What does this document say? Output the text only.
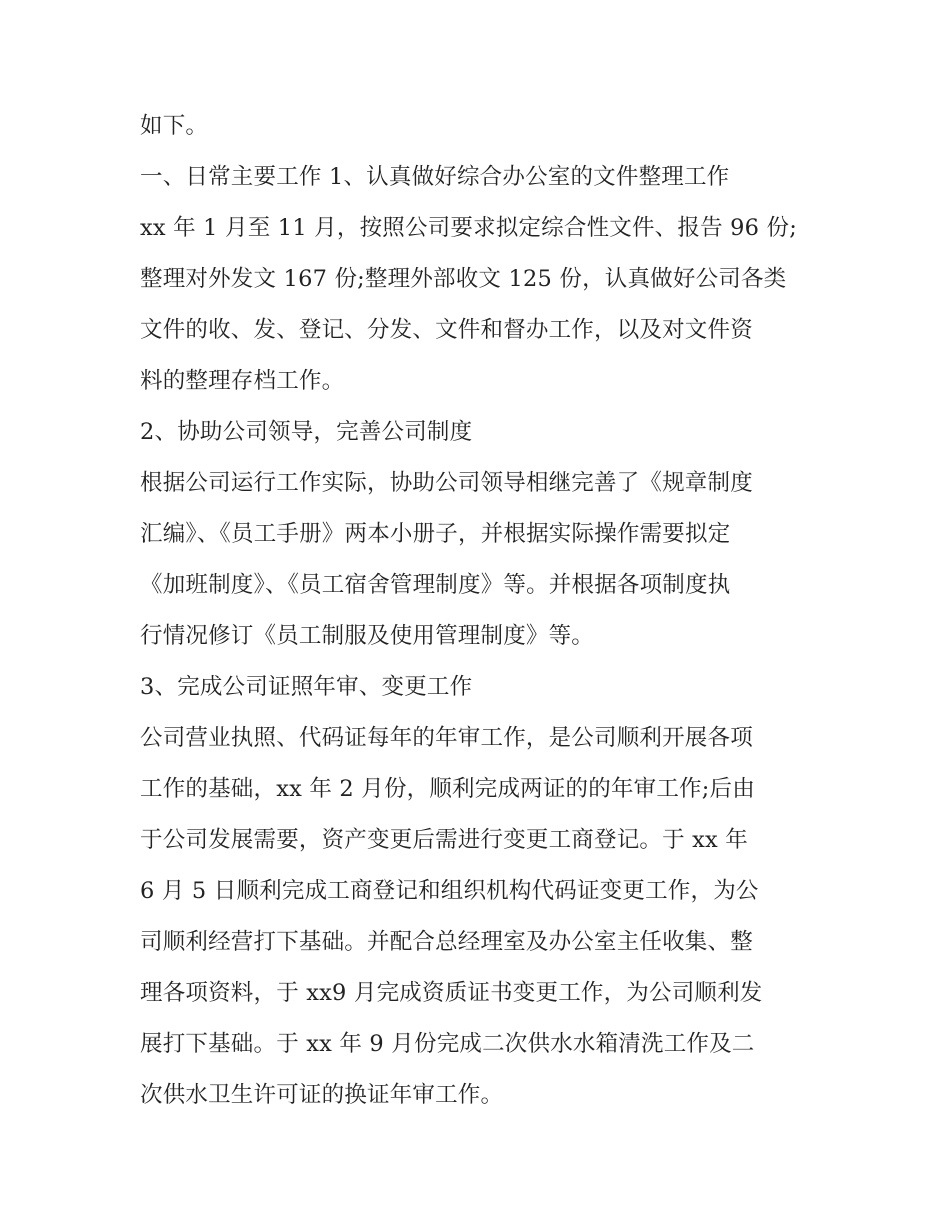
如下。
一、日常主要工作 1、认真做好综合办公室的文件整理工作
xx 年 1 月至 11 月，按照公司要求拟定综合性文件、报告 96 份;
整理对外发文 167 份;整理外部收文 125 份，认真做好公司各类
文件的收、发、登记、分发、文件和督办工作，以及对文件资
料的整理存档工作。
2、协助公司领导，完善公司制度
根据公司运行工作实际，协助公司领导相继完善了《规章制度
汇编》、《员工手册》两本小册子，并根据实际操作需要拟定
《加班制度》、《员工宿舍管理制度》等。并根据各项制度执
行情况修订《员工制服及使用管理制度》等。
3、完成公司证照年审、变更工作
公司营业执照、代码证每年的年审工作，是公司顺利开展各项
工作的基础，xx 年 2 月份，顺利完成两证的的年审工作;后由
于公司发展需要，资产变更后需进行变更工商登记。于 xx 年
6 月 5 日顺利完成工商登记和组织机构代码证变更工作，为公
司顺利经营打下基础。并配合总经理室及办公室主任收集、整
理各项资料，于 xx9 月完成资质证书变更工作，为公司顺利发
展打下基础。于 xx 年 9 月份完成二次供水水箱清洗工作及二
次供水卫生许可证的换证年审工作。
